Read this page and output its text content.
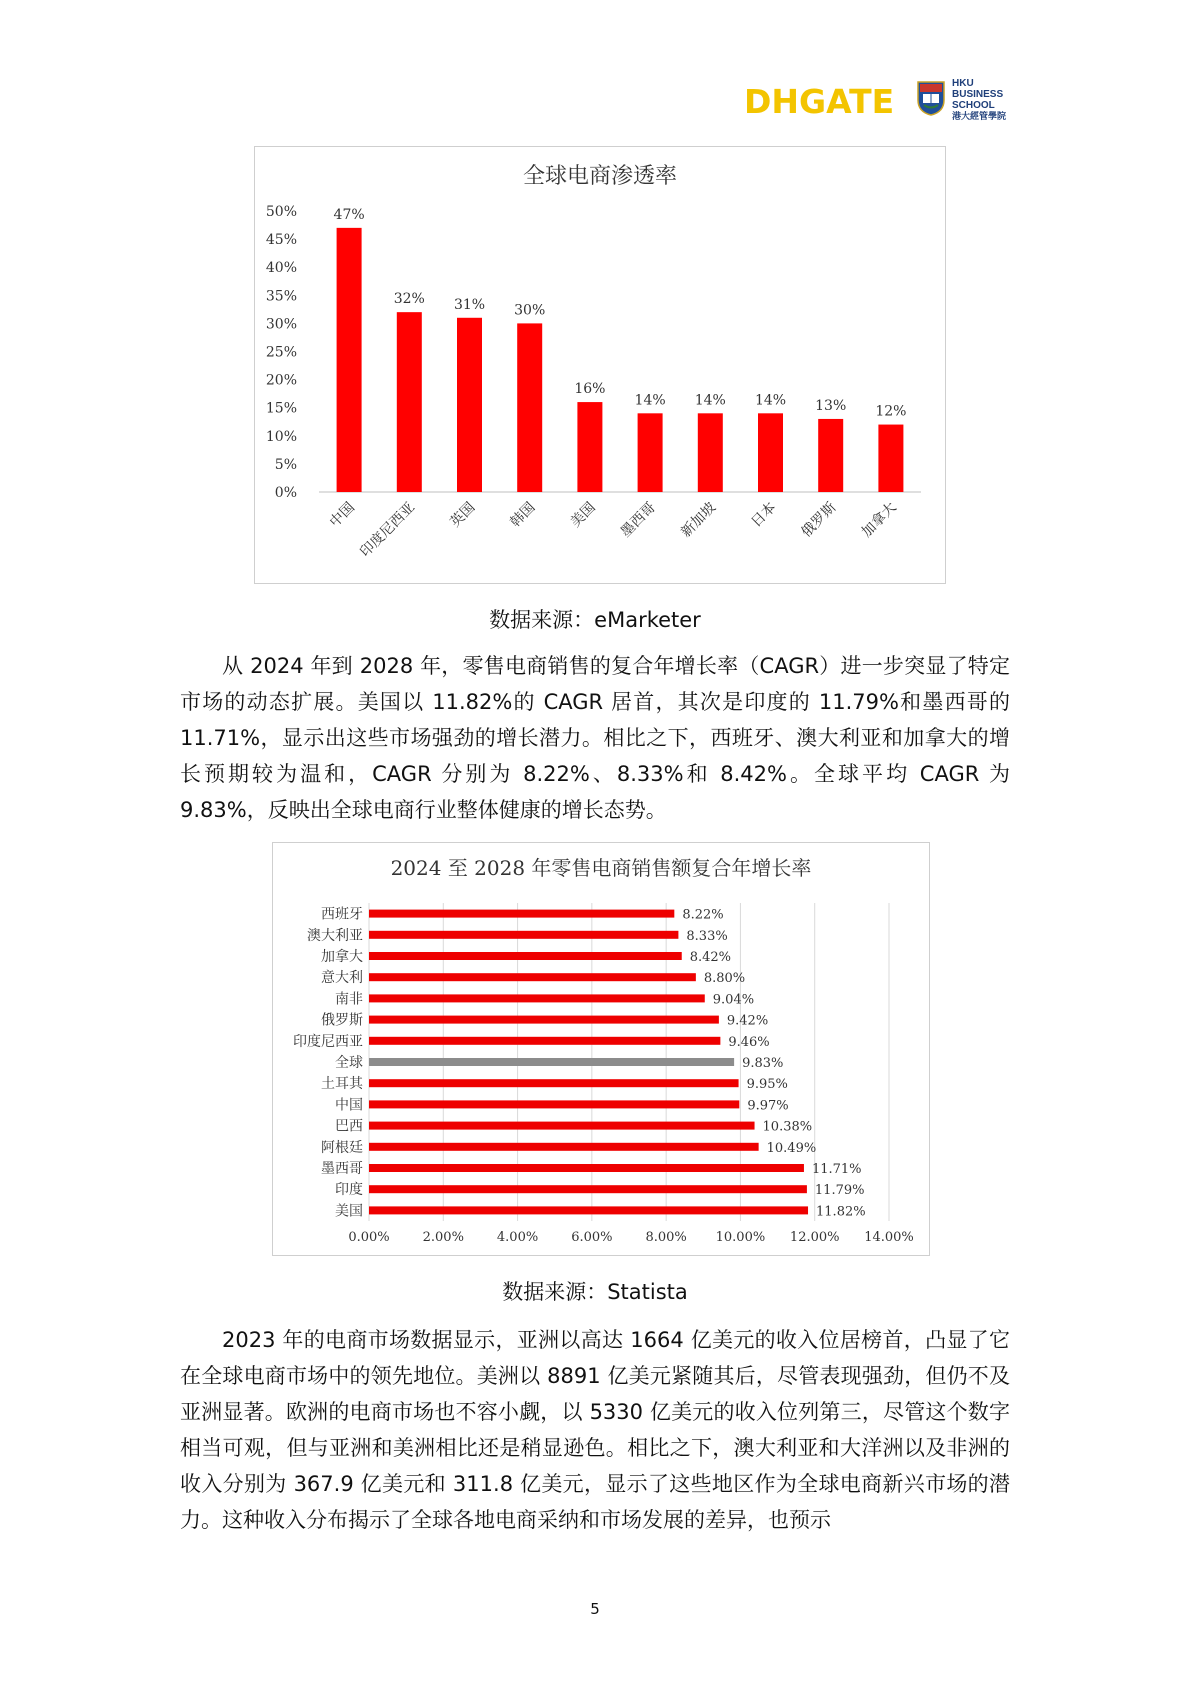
DHGATE	HKU
BUSINESS
SCHOOL
港大經管學院
全球电商渗透率
0%
5%
10%
15%
20%
25%
30%
35%
40%
45%
50%	47%
中国
32%
印度尼西亚
31%
英国
30%
韩国
16%
美国
14%
墨西哥
14%
新加坡
14%
日本
13%
俄罗斯
12%
加拿大
数据来源：eMarketer

从 2024 年到 2028 年，零售电商销售的复合年增长率（CAGR）进一步突显了特定市场的动态扩展。美国以 11.82%的 CAGR 居首，其次是印度的 11.79%和墨西哥的11.71%，显示出这些市场强劲的增长潜力。相比之下，西班牙、澳大利亚和加拿大的增长预期较为温和，CAGR 分别为 8.22%、8.33%和 8.42%。全球平均 CAGR 为9.83%，反映出全球电商行业整体健康的增长态势。

2024 至 2028 年零售电商销售额复合年增长率
0.00%	2.00%	4.00%	6.00%	8.00% 10.00% 12.00% 14.00%
西班牙	8.22%
澳大利亚	8.33%
加拿大	8.42%
意大利	8.80%
南非	9.04%
俄罗斯	9.42%
印度尼西亚	9.46%
全球	9.83%
土耳其	9.95%
中国	9.97%
巴西	10.38%
阿根廷	10.49%
墨西哥	11.71%
印度	11.79%
美国	11.82%
数据来源：Statista

2023 年的电商市场数据显示，亚洲以高达 1664 亿美元的收入位居榜首，凸显了它在全球电商市场中的领先地位。美洲以 8891 亿美元紧随其后，尽管表现强劲，但仍不及亚洲显著。欧洲的电商市场也不容小觑，以 5330 亿美元的收入位列第三，尽管这个数字相当可观，但与亚洲和美洲相比还是稍显逊色。相比之下，澳大利亚和大洋洲以及非洲的收入分别为 367.9 亿美元和 311.8 亿美元，显示了这些地区作为全球电商新兴市场的潜力。这种收入分布揭示了全球各地电商采纳和市场发展的差异，也预示

5
